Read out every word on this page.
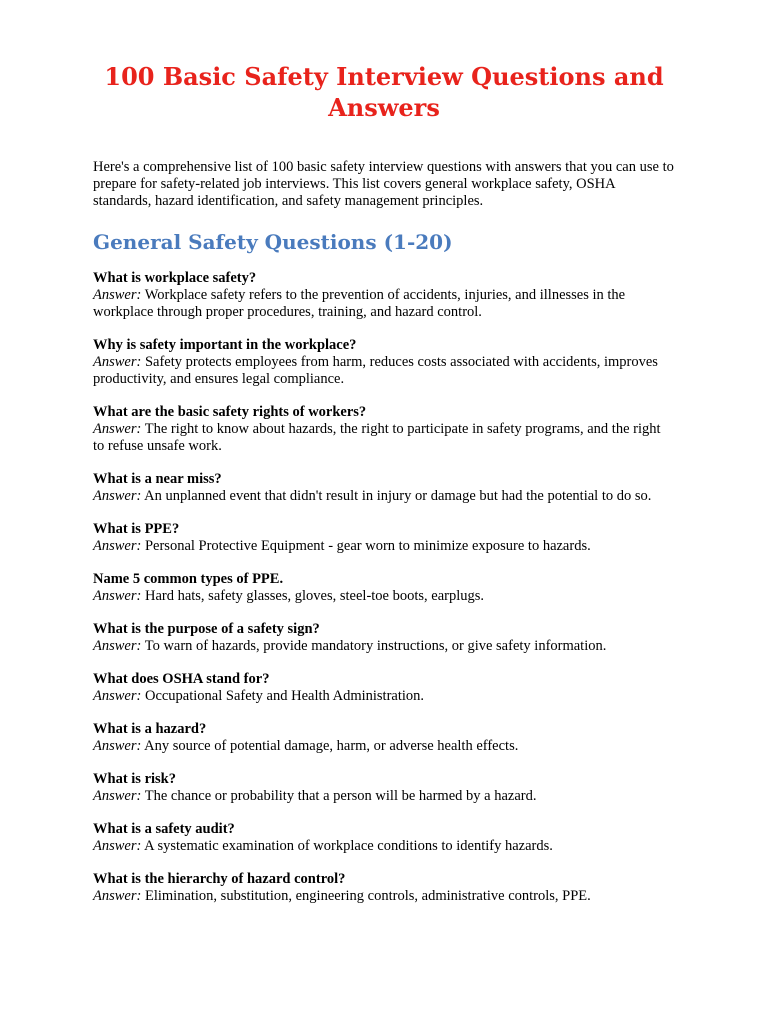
100 Basic Safety Interview Questions and Answers

Here's a comprehensive list of 100 basic safety interview questions with answers that you can use to prepare for safety-related job interviews. This list covers general workplace safety, OSHA standards, hazard identification, and safety management principles.

General Safety Questions (1-20)
What is workplace safety?
Answer: Workplace safety refers to the prevention of accidents, injuries, and illnesses in the workplace through proper procedures, training, and hazard control.
Why is safety important in the workplace?
Answer: Safety protects employees from harm, reduces costs associated with accidents, improves productivity, and ensures legal compliance.
What are the basic safety rights of workers?
Answer: The right to know about hazards, the right to participate in safety programs, and the right to refuse unsafe work.
What is a near miss?
Answer: An unplanned event that didn't result in injury or damage but had the potential to do so.
What is PPE?
Answer: Personal Protective Equipment - gear worn to minimize exposure to hazards.
Name 5 common types of PPE.
Answer: Hard hats, safety glasses, gloves, steel-toe boots, earplugs.
What is the purpose of a safety sign?
Answer: To warn of hazards, provide mandatory instructions, or give safety information.
What does OSHA stand for?
Answer: Occupational Safety and Health Administration.
What is a hazard?
Answer: Any source of potential damage, harm, or adverse health effects.
What is risk?
Answer: The chance or probability that a person will be harmed by a hazard.
What is a safety audit?
Answer: A systematic examination of workplace conditions to identify hazards.
What is the hierarchy of hazard control?
Answer: Elimination, substitution, engineering controls, administrative controls, PPE.
